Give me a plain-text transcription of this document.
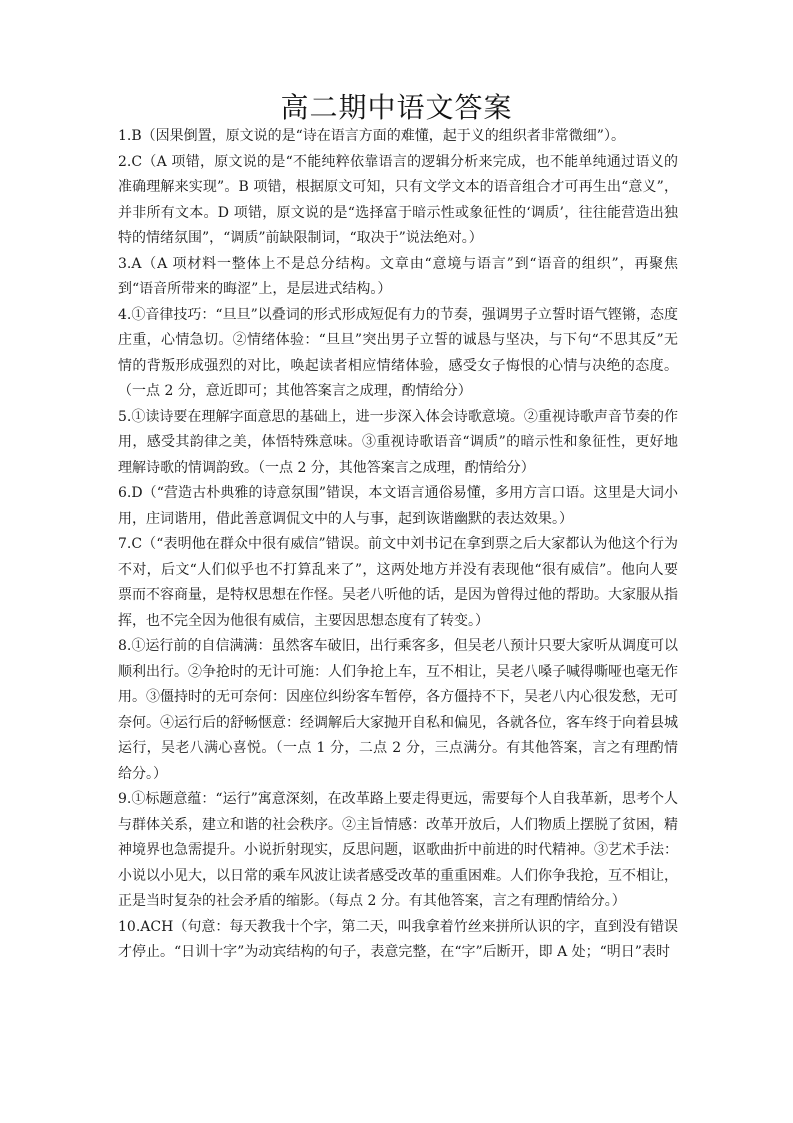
高二期中语文答案

1.B（因果倒置，原文说的是“诗在语言方面的难懂，起于义的组织者非常微细”）。

2.C（A 项错，原文说的是“不能纯粹依靠语言的逻辑分析来完成，也不能单纯通过语义的准确理解来实现”。B 项错，根据原文可知，只有文学文本的语音组合才可再生出“意义”，并非所有文本。D 项错，原文说的是“选择富于暗示性或象征性的‘调质’，往往能营造出独特的情绪氛围”，“调质”前缺限制词，“取决于”说法绝对。）

3.A（A 项材料一整体上不是总分结构。文章由“意境与语言”到“语音的组织”，再聚焦到“语音所带来的晦涩”上，是层进式结构。）

4.①音律技巧：“旦旦”以叠词的形式形成短促有力的节奏，强调男子立誓时语气铿锵，态度庄重，心情急切。②情绪体验：“旦旦”突出男子立誓的诚恳与坚决，与下句“不思其反”无情的背叛形成强烈的对比，唤起读者相应情绪体验，感受女子悔恨的心情与决绝的态度。（一点 2 分，意近即可；其他答案言之成理，酌情给分）

5.①读诗要在理解字面意思的基础上，进一步深入体会诗歌意境。②重视诗歌声音节奏的作用，感受其韵律之美，体悟特殊意味。③重视诗歌语音“调质”的暗示性和象征性，更好地理解诗歌的情调韵致。（一点 2 分，其他答案言之成理，酌情给分）

6.D（“营造古朴典雅的诗意氛围”错误，本文语言通俗易懂，多用方言口语。这里是大词小用，庄词谐用，借此善意调侃文中的人与事，起到诙谐幽默的表达效果。）

7.C（“表明他在群众中很有威信”错误。前文中刘书记在拿到票之后大家都认为他这个行为不对，后文“人们似乎也不打算乱来了”，这两处地方并没有表现他“很有威信”。他向人要票而不容商量，是特权思想在作怪。吴老八听他的话，是因为曾得过他的帮助。大家服从指挥，也不完全因为他很有威信，主要因思想态度有了转变。）

8.①运行前的自信满满：虽然客车破旧，出行乘客多，但吴老八预计只要大家听从调度可以顺利出行。②争抢时的无计可施：人们争抢上车，互不相让，吴老八嗓子喊得嘶哑也毫无作用。③僵持时的无可奈何：因座位纠纷客车暂停，各方僵持不下，吴老八内心很发愁，无可奈何。④运行后的舒畅惬意：经调解后大家抛开自私和偏见，各就各位，客车终于向着县城运行，吴老八满心喜悦。（一点 1 分，二点 2 分，三点满分。有其他答案，言之有理酌情给分。）

9.①标题意蕴：“运行”寓意深刻，在改革路上要走得更远，需要每个人自我革新，思考个人与群体关系，建立和谐的社会秩序。②主旨情感：改革开放后，人们物质上摆脱了贫困，精神境界也急需提升。小说折射现实，反思问题，讴歌曲折中前进的时代精神。③艺术手法：小说以小见大，以日常的乘车风波让读者感受改革的重重困难。人们你争我抢，互不相让，正是当时复杂的社会矛盾的缩影。（每点 2 分。有其他答案，言之有理酌情给分。）

10.ACH（句意：每天教我十个字，第二天，叫我拿着竹丝来拼所认识的字，直到没有错误才停止。“日训十字”为动宾结构的句子，表意完整，在“字”后断开，即 A 处；“明日”表时
